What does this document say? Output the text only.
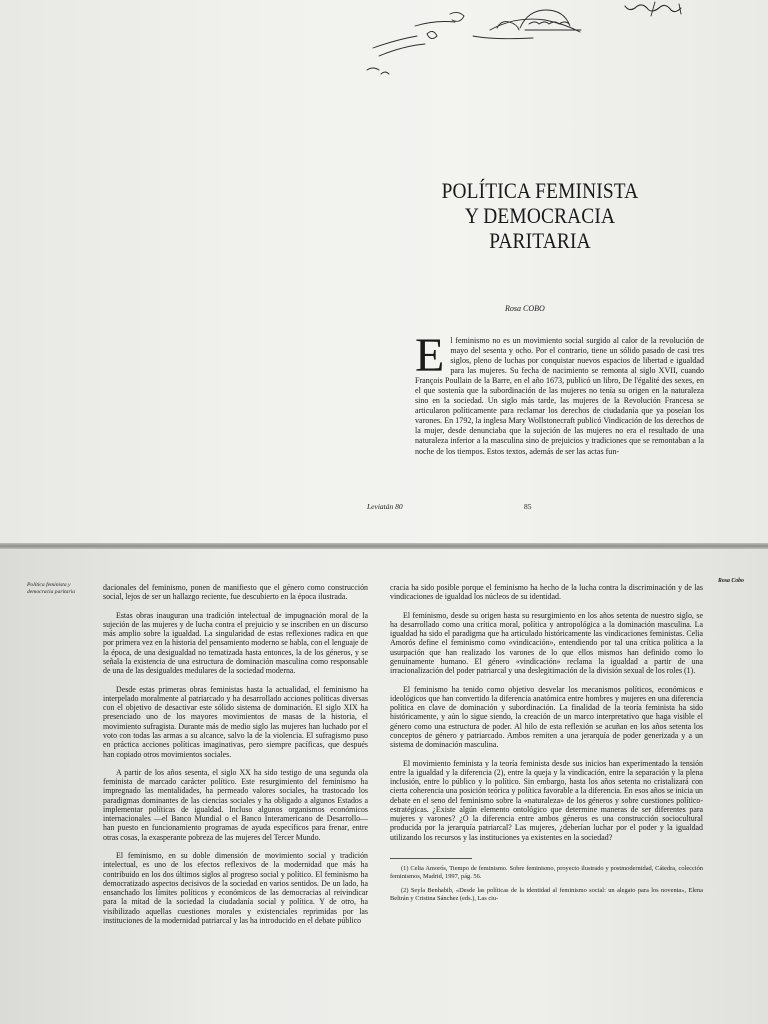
POLÍTICA FEMINISTA
Y DEMOCRACIA
PARITARIA
Rosa COBO

El feminismo no es un movimiento social surgido al calor de la revolución de mayo del sesenta y ocho. Por el contrario, tiene un sólido pasado de casi tres siglos, pleno de luchas por conquistar nuevos espacios de libertad e igualdad para las mujeres. Su fecha de nacimiento se remonta al siglo XVII, cuando François Poullain de la Barre, en el año 1673, publicó un libro, De l'égalité des sexes, en el que sostenía que la subordinación de las mujeres no tenía su origen en la naturaleza sino en la sociedad. Un siglo más tarde, las mujeres de la Revolución Francesa se articularon políticamente para reclamar los derechos de ciudadanía que ya poseían los varones. En 1792, la inglesa Mary Wollstonecraft publicó Vindicación de los derechos de la mujer, desde denunciaba que la sujeción de las mujeres no era el resultado de una naturaleza inferior a la masculina sino de prejuicios y tradiciones que se remontaban a la noche de los tiempos. Estos textos, además de ser las actas fun-

Leviatán 80	85
Política feminista y democracia paritaria
Rosa Cobo

dacionales del feminismo, ponen de manifiesto que el género como construcción social, lejos de ser un hallazgo reciente, fue descubierto en la época ilustrada.

Estas obras inauguran una tradición intelectual de impugnación moral de la sujeción de las mujeres y de lucha contra el prejuicio y se inscriben en un discurso más amplio sobre la igualdad. La singularidad de estas reflexiones radica en que por primera vez en la historia del pensamiento moderno se habla, con el lenguaje de la época, de una desigualdad no tematizada hasta entonces, la de los géneros, y se señala la existencia de una estructura de dominación masculina como responsable de una de las desigualdes medulares de la sociedad moderna.

Desde estas primeras obras feministas hasta la actualidad, el feminismo ha interpelado moralmente al patriarcado y ha desarrollado acciones políticas diversas con el objetivo de desactivar este sólido sistema de dominación. El siglo XIX ha presenciado uno de los mayores movimientos de masas de la historia, el movimiento sufragista. Durante más de medio siglo las mujeres han luchado por el voto con todas las armas a su alcance, salvo la de la violencia. El sufragismo puso en práctica acciones políticas imaginativas, pero siempre pacíficas, que después han copiado otros movimientos sociales.

A partir de los años sesenta, el siglo XX ha sido testigo de una segunda ola feminista de marcado carácter político. Este resurgimiento del feminismo ha impregnado las mentalidades, ha permeado valores sociales, ha trastocado los paradigmas dominantes de las ciencias sociales y ha obligado a algunos Estados a implementar políticas de igualdad. Incluso algunos organismos económicos internacionales —el Banco Mundial o el Banco Interamericano de Desarrollo— han puesto en funcionamiento programas de ayuda específicos para frenar, entre otras cosas, la exasperante pobreza de las mujeres del Tercer Mundo.

El feminismo, en su doble dimensión de movimiento social y tradición intelectual, es uno de los efectos reflexivos de la modernidad que más ha contribuido en los dos últimos siglos al progreso social y político. El feminismo ha democratizado aspectos decisivos de la sociedad en varios sentidos. De un lado, ha ensanchado los límites políticos y económicos de las democracias al reivindicar para la mitad de la sociedad la ciudadanía social y política. Y de otro, ha visibilizado aquellas cuestiones morales y existenciales reprimidas por las instituciones de la modernidad patriarcal y las ha introducido en el debate público

cracia ha sido posible porque el feminismo ha hecho de la lucha contra la discriminación y de las vindicaciones de igualdad los núcleos de su identidad.

El feminismo, desde su origen hasta su resurgimiento en los años setenta de nuestro siglo, se ha desarrollado como una crítica moral, política y antropológica a la dominación masculina. La igualdad ha sido el paradigma que ha articulado históricamente las vindicaciones feministas. Celia Amorós define el feminismo como «vindicación», entendiendo por tal una crítica política a la usurpación que han realizado los varones de lo que ellos mismos han definido como lo genuinamente humano. El género «vindicación» reclama la igualdad a partir de una irracionalización del poder patriarcal y una deslegitimación de la división sexual de los roles (1).

El feminismo ha tenido como objetivo desvelar los mecanismos políticos, económicos e ideológicos que han convertido la diferencia anatómica entre hombres y mujeres en una diferencia política en clave de dominación y subordinación. La finalidad de la teoría feminista ha sido históricamente, y aún lo sigue siendo, la creación de un marco interpretativo que haga visible el género como una estructura de poder. Al hilo de esta reflexión se acuñan en los años setenta los conceptos de género y patriarcado. Ambos remiten a una jerarquía de poder generizada y a un sistema de dominación masculina.

El movimiento feminista y la teoría feminista desde sus inicios han experimentado la tensión entre la igualdad y la diferencia (2), entre la queja y la vindicación, entre la separación y la plena inclusión, entre lo público y lo político. Sin embargo, hasta los años setenta no cristalizará con cierta coherencia una posición teórica y política favorable a la diferencia. En esos años se inicia un debate en el seno del feminismo sobre la «naturaleza» de los géneros y sobre cuestiones político-estratégicas. ¿Existe algún elemento ontológico que determine maneras de ser diferentes para mujeres y varones? ¿O la diferencia entre ambos géneros es una construcción sociocultural producida por la jerarquía patriarcal? Las mujeres, ¿deberían luchar por el poder y la igualdad utilizando los recursos y las instituciones ya existentes en la sociedad?

(1) Celia Amorós, Tiempo de feminismo. Sobre feminismo, proyecto ilustrado y postmodernidad, Cátedra, colección feminismos, Madrid, 1997, pág. 56.

(2) Seyla Benhabib, «Desde las políticas de la identidad al feminismo social: un alegato para los noventa», Elena Beltrán y Cristina Sánchez (eds.), Las ciu-
